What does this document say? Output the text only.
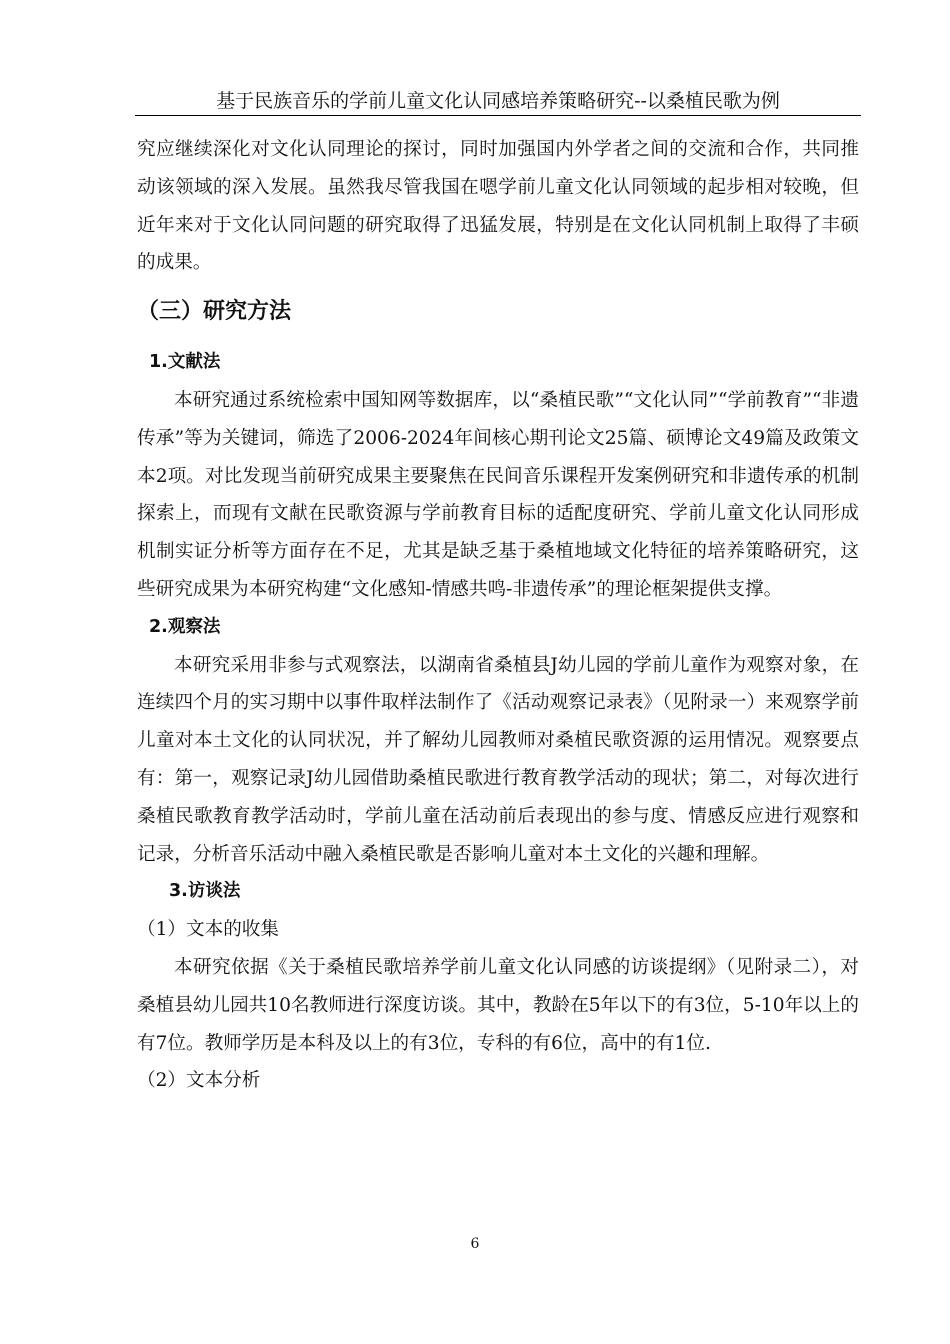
基于民族音乐的学前儿童文化认同感培养策略研究--以桑植民歌为例

究应继续深化对文化认同理论的探讨，同时加强国内外学者之间的交流和合作，共同推动该领域的深入发展。虽然我尽管我国在嗯学前儿童文化认同领域的起步相对较晚，但近年来对于文化认同问题的研究取得了迅猛发展，特别是在文化认同机制上取得了丰硕的成果。

（三）研究方法
1.文献法

本研究通过系统检索中国知网等数据库，以“桑植民歌”“文化认同”“学前教育”“非遗传承”等为关键词，筛选了2006-2024年间核心期刊论文25篇、硕博论文49篇及政策文本2项。对比发现当前研究成果主要聚焦在民间音乐课程开发案例研究和非遗传承的机制探索上，而现有文献在民歌资源与学前教育目标的适配度研究、学前儿童文化认同形成机制实证分析等方面存在不足，尤其是缺乏基于桑植地域文化特征的培养策略研究，这些研究成果为本研究构建“文化感知-情感共鸣-非遗传承”的理论框架提供支撑。

2.观察法

本研究采用非参与式观察法，以湖南省桑植县J幼儿园的学前儿童作为观察对象，在连续四个月的实习期中以事件取样法制作了《活动观察记录表》（见附录一）来观察学前儿童对本土文化的认同状况，并了解幼儿园教师对桑植民歌资源的运用情况。观察要点有：第一，观察记录J幼儿园借助桑植民歌进行教育教学活动的现状；第二，对每次进行桑植民歌教育教学活动时，学前儿童在活动前后表现出的参与度、情感反应进行观察和记录，分析音乐活动中融入桑植民歌是否影响儿童对本土文化的兴趣和理解。

3.访谈法
（1）文本的收集

本研究依据《关于桑植民歌培养学前儿童文化认同感的访谈提纲》（见附录二），对桑植县幼儿园共10名教师进行深度访谈。其中，教龄在5年以下的有3位，5-10年以上的有7位。教师学历是本科及以上的有3位，专科的有6位，高中的有1位.

（2）文本分析
6
